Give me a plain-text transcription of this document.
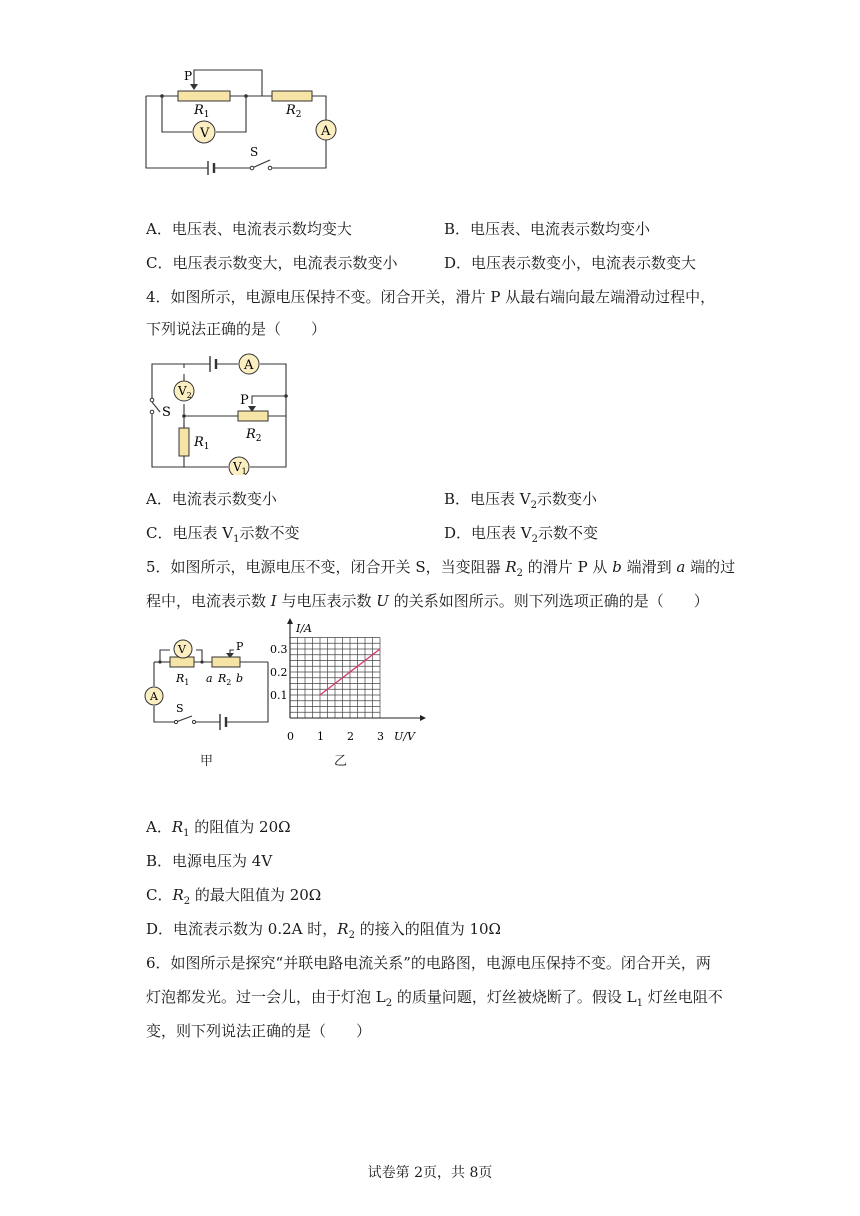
P
$R_1$	$R_2$
V	A
S
A．电压表、电流表示数均变大	B．电压表、电流表示数均变小
C．电压表示数变大，电流表示数变小	D．电压表示数变小，电流表示数变大
4．如图所示，电源电压保持不变。闭合开关，滑片 P 从最右端向最左端滑动过程中，
下列说法正确的是（　　）
A
$V_2$
S
P
$R_2$
$R_1$
$V_1$
A．电流表示数变小	B．电压表 $V_2$示数变小
C．电压表 $V_1$示数不变	D．电压表 $V_2$示数不变
5．如图所示，电源电压不变，闭合开关 S，当变阻器 $R_2$ 的滑片 P 从 b 端滑到 a 端的过
程中，电流表示数 I 与电压表示数 U 的关系如图所示。则下列选项正确的是（　　）
V	P
$R_1$ a $R_2$ b
A
S
甲
0.3
0.2
0.1
0 1 2 3
I/A
U/V
乙
A．$R_1$ 的阻值为 20Ω
B．电源电压为 4V
C．$R_2$ 的最大阻值为 20Ω
D．电流表示数为 0.2A 时，$R_2$ 的接入的阻值为 10Ω
6．如图所示是探究“并联电路电流关系”的电路图，电源电压保持不变。闭合开关，两
灯泡都发光。过一会儿，由于灯泡 $L_2$ 的质量问题，灯丝被烧断了。假设 $L_1$ 灯丝电阻不
变，则下列说法正确的是（　　）
试卷第 2页，共 8页
